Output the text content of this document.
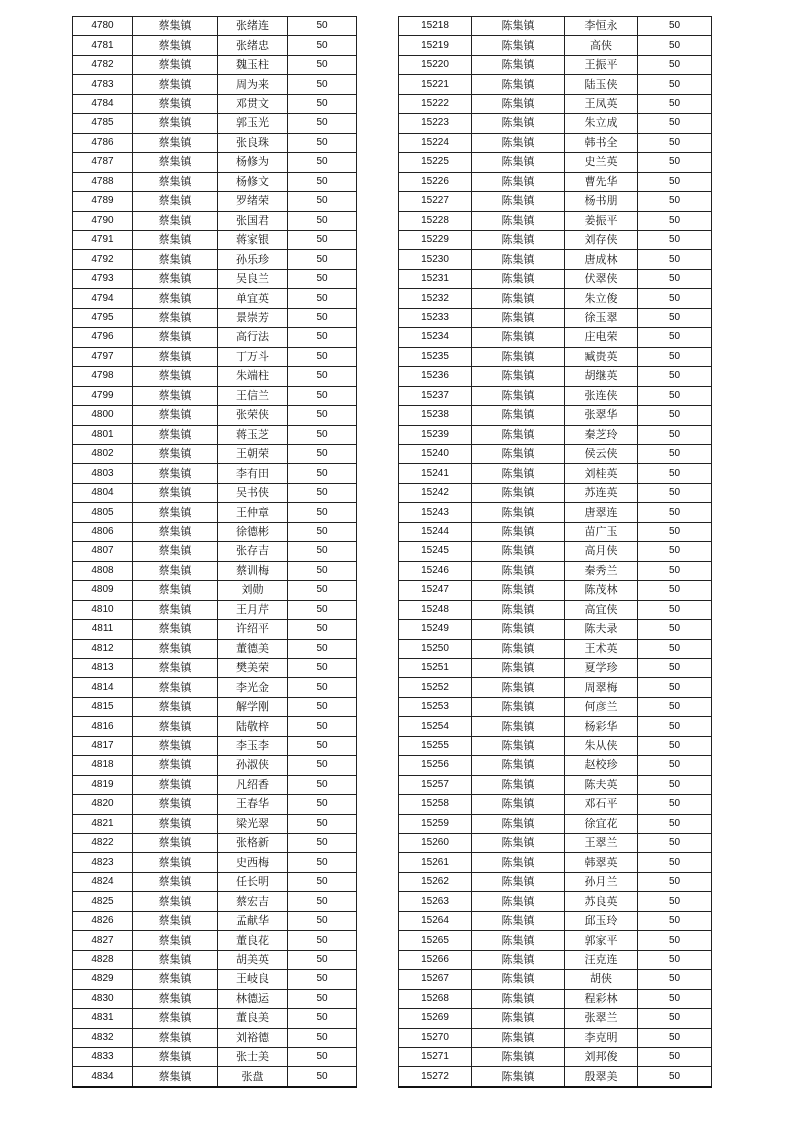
4780	蔡集镇	张绪连	50
4781	蔡集镇	张绪忠	50
4782	蔡集镇	魏玉柱	50
4783	蔡集镇	周为来	50
4784	蔡集镇	邓贯文	50
4785	蔡集镇	郭玉光	50
4786	蔡集镇	张良珠	50
4787	蔡集镇	杨修为	50
4788	蔡集镇	杨修文	50
4789	蔡集镇	罗绪荣	50
4790	蔡集镇	张国君	50
4791	蔡集镇	蒋家银	50
4792	蔡集镇	孙乐珍	50
4793	蔡集镇	吴良兰	50
4794	蔡集镇	单宜英	50
4795	蔡集镇	景崇芳	50
4796	蔡集镇	高行法	50
4797	蔡集镇	丁万斗	50
4798	蔡集镇	朱端柱	50
4799	蔡集镇	王信兰	50
4800	蔡集镇	张荣侠	50
4801	蔡集镇	蒋玉芝	50
4802	蔡集镇	王朝荣	50
4803	蔡集镇	李有田	50
4804	蔡集镇	吴书侠	50
4805	蔡集镇	王仲章	50
4806	蔡集镇	徐德彬	50
4807	蔡集镇	张存吉	50
4808	蔡集镇	蔡训梅	50
4809	蔡集镇	刘勋	50
4810	蔡集镇	王月芹	50
4811	蔡集镇	许绍平	50
4812	蔡集镇	董德美	50
4813	蔡集镇	樊美荣	50
4814	蔡集镇	李光金	50
4815	蔡集镇	解学刚	50
4816	蔡集镇	陆敬梓	50
4817	蔡集镇	李玉李	50
4818	蔡集镇	孙淑侠	50
4819	蔡集镇	凡绍香	50
4820	蔡集镇	王春华	50
4821	蔡集镇	梁光翠	50
4822	蔡集镇	张格新	50
4823	蔡集镇	史西梅	50
4824	蔡集镇	任长明	50
4825	蔡集镇	蔡宏吉	50
4826	蔡集镇	孟献华	50
4827	蔡集镇	董良花	50
4828	蔡集镇	胡美英	50
4829	蔡集镇	王岐良	50
4830	蔡集镇	林德运	50
4831	蔡集镇	董良美	50
4832	蔡集镇	刘裕德	50
4833	蔡集镇	张士美	50
4834	蔡集镇	张盘	50
15218	陈集镇	李恒永	50
15219	陈集镇	高侠	50
15220	陈集镇	王振平	50
15221	陈集镇	陆玉侠	50
15222	陈集镇	王凤英	50
15223	陈集镇	朱立成	50
15224	陈集镇	韩书全	50
15225	陈集镇	史兰英	50
15226	陈集镇	曹先华	50
15227	陈集镇	杨书朋	50
15228	陈集镇	姜振平	50
15229	陈集镇	刘存侠	50
15230	陈集镇	唐成林	50
15231	陈集镇	伏翠侠	50
15232	陈集镇	朱立俊	50
15233	陈集镇	徐玉翠	50
15234	陈集镇	庄电荣	50
15235	陈集镇	臧贵英	50
15236	陈集镇	胡继英	50
15237	陈集镇	张连侠	50
15238	陈集镇	张翠华	50
15239	陈集镇	秦芝玲	50
15240	陈集镇	侯云侠	50
15241	陈集镇	刘桂英	50
15242	陈集镇	苏连英	50
15243	陈集镇	唐翠连	50
15244	陈集镇	苗广玉	50
15245	陈集镇	高月侠	50
15246	陈集镇	秦秀兰	50
15247	陈集镇	陈茂林	50
15248	陈集镇	高宜侠	50
15249	陈集镇	陈夫录	50
15250	陈集镇	王术英	50
15251	陈集镇	夏学珍	50
15252	陈集镇	周翠梅	50
15253	陈集镇	何彦兰	50
15254	陈集镇	杨彩华	50
15255	陈集镇	朱从侠	50
15256	陈集镇	赵校珍	50
15257	陈集镇	陈夫英	50
15258	陈集镇	邓石平	50
15259	陈集镇	徐宜花	50
15260	陈集镇	王翠兰	50
15261	陈集镇	韩翠英	50
15262	陈集镇	孙月兰	50
15263	陈集镇	苏良英	50
15264	陈集镇	邱玉玲	50
15265	陈集镇	郭家平	50
15266	陈集镇	汪克连	50
15267	陈集镇	胡侠	50
15268	陈集镇	程彩林	50
15269	陈集镇	张翠兰	50
15270	陈集镇	李克明	50
15271	陈集镇	刘邦俊	50
15272	陈集镇	殷翠美	50
